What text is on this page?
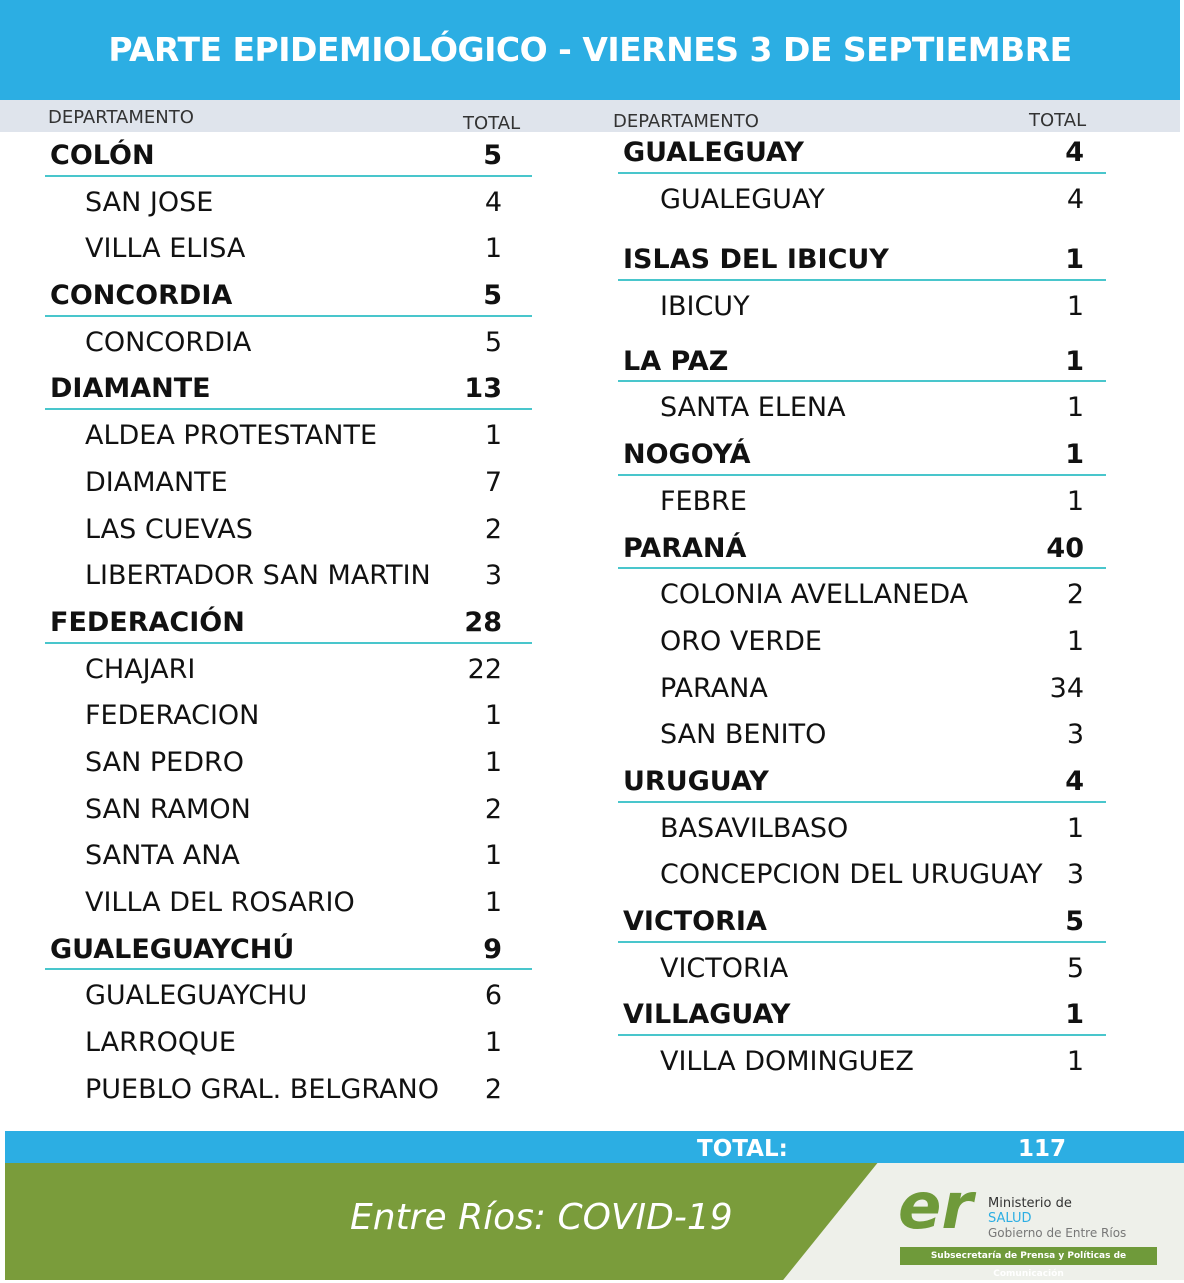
PARTE EPIDEMIOLÓGICO - VIERNES 3 DE SEPTIEMBRE
DEPARTAMENTO	TOTAL	DEPARTAMENTO	TOTAL
COLÓN	5
SAN JOSE	4
VILLA ELISA	1
CONCORDIA	5
CONCORDIA	5
DIAMANTE	13
ALDEA PROTESTANTE	1
DIAMANTE	7
LAS CUEVAS	2
LIBERTADOR SAN MARTIN	3
FEDERACIÓN	28
CHAJARI	22
FEDERACION	1
SAN PEDRO	1
SAN RAMON	2
SANTA ANA	1
VILLA DEL ROSARIO	1
GUALEGUAYCHÚ	9
GUALEGUAYCHU	6
LARROQUE	1
PUEBLO GRAL. BELGRANO	2
GUALEGUAY	4
GUALEGUAY	4
ISLAS DEL IBICUY	1
IBICUY	1
LA PAZ	1
SANTA ELENA	1
NOGOYÁ	1
FEBRE	1
PARANÁ	40
COLONIA AVELLANEDA	2
ORO VERDE	1
PARANA	34
SAN BENITO	3
URUGUAY	4
BASAVILBASO	1
CONCEPCION DEL URUGUAY 3
VICTORIA	5
VICTORIA	5
VILLAGUAY	1
VILLA DOMINGUEZ	1
TOTAL:	117
Entre Ríos: COVID-19	er Ministerio de
SALUD
Gobierno de Entre Ríos
Subsecretaría de Prensa y Políticas de Comunicación
